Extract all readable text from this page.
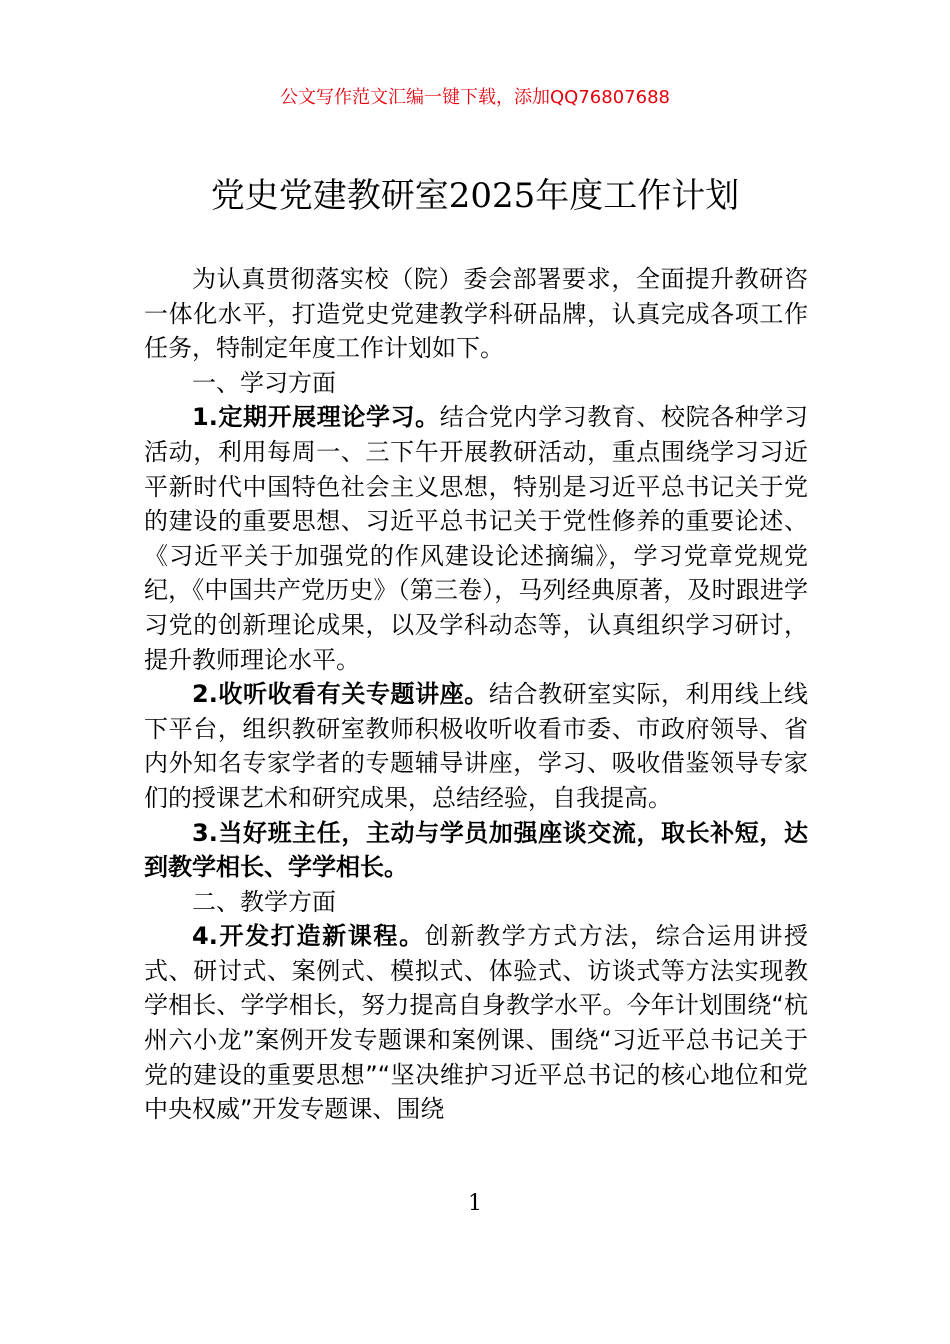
公文写作范文汇编一键下载，添加QQ76807688
党史党建教研室2025年度工作计划

为认真贯彻落实校（院）委会部署要求，全面提升教研咨一体化水平，打造党史党建教学科研品牌，认真完成各项工作任务，特制定年度工作计划如下。

一、学习方面

1.定期开展理论学习。结合党内学习教育、校院各种学习活动，利用每周一、三下午开展教研活动，重点围绕学习习近平新时代中国特色社会主义思想，特别是习近平总书记关于党的建设的重要思想、习近平总书记关于党性修养的重要论述、《习近平关于加强党的作风建设论述摘编》，学习党章党规党纪，《中国共产党历史》（第三卷），马列经典原著，及时跟进学习党的创新理论成果，以及学科动态等，认真组织学习研讨，提升教师理论水平。

2.收听收看有关专题讲座。结合教研室实际，利用线上线下平台，组织教研室教师积极收听收看市委、市政府领导、省内外知名专家学者的专题辅导讲座，学习、吸收借鉴领导专家们的授课艺术和研究成果，总结经验，自我提高。

3.当好班主任，主动与学员加强座谈交流，取长补短，达到教学相长、学学相长。

二、教学方面

4.开发打造新课程。创新教学方式方法，综合运用讲授式、研讨式、案例式、模拟式、体验式、访谈式等方法实现教学相长、学学相长，努力提高自身教学水平。今年计划围绕“杭州六小龙”案例开发专题课和案例课、围绕“习近平总书记关于党的建设的重要思想”“坚决维护习近平总书记的核心地位和党中央权威”开发专题课、围绕

1
